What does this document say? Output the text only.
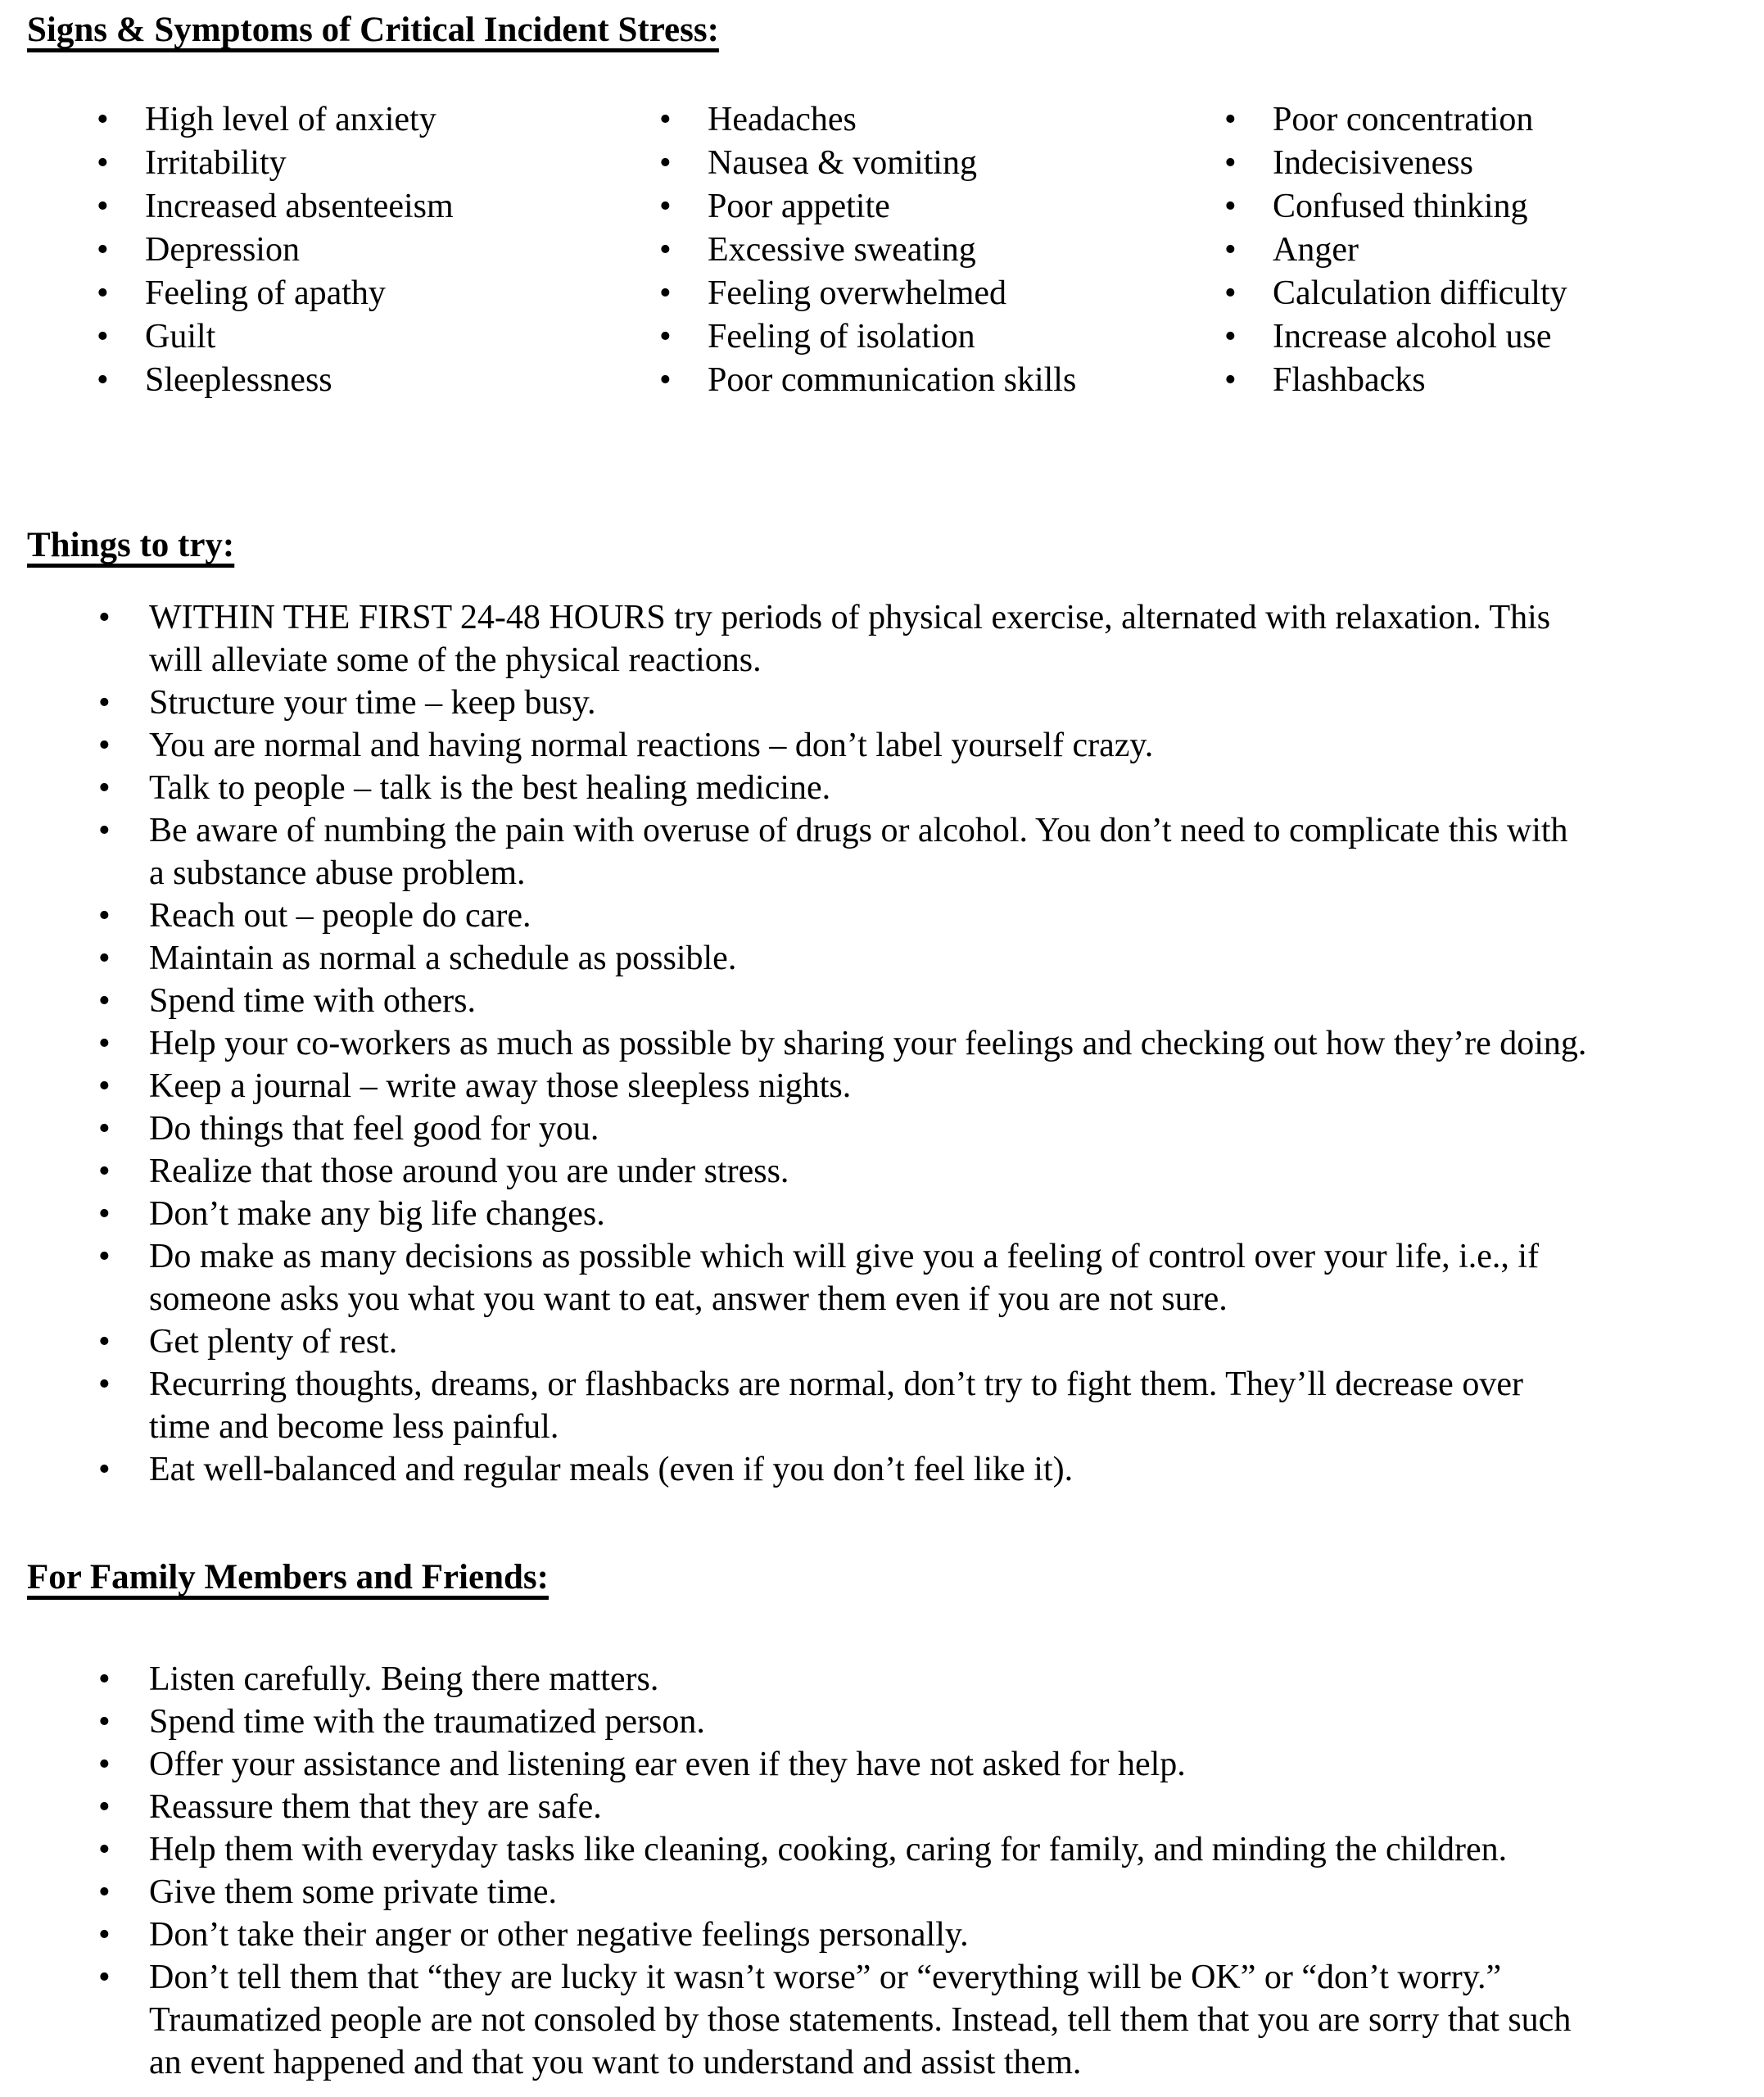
Signs & Symptoms of Critical Incident Stress:
• High level of anxiety
• Irritability
• Increased absenteeism
• Depression
• Feeling of apathy
• Guilt
• Sleeplessness
• Headaches
• Nausea & vomiting
• Poor appetite
• Excessive sweating
• Feeling overwhelmed
• Feeling of isolation
• Poor communication skills
• Poor concentration
• Indecisiveness
• Confused thinking
• Anger
• Calculation difficulty
• Increase alcohol use
• Flashbacks
Things to try:
• WITHIN THE FIRST 24-48 HOURS try periods of physical exercise, alternated with relaxation. This
will alleviate some of the physical reactions.
• Structure your time – keep busy.
• You are normal and having normal reactions – don’t label yourself crazy.
• Talk to people – talk is the best healing medicine.
• Be aware of numbing the pain with overuse of drugs or alcohol. You don’t need to complicate this with
a substance abuse problem.
• Reach out – people do care.
• Maintain as normal a schedule as possible.
• Spend time with others.
• Help your co-workers as much as possible by sharing your feelings and checking out how they’re doing.
• Keep a journal – write away those sleepless nights.
• Do things that feel good for you.
• Realize that those around you are under stress.
• Don’t make any big life changes.
• Do make as many decisions as possible which will give you a feeling of control over your life, i.e., if
someone asks you what you want to eat, answer them even if you are not sure.
• Get plenty of rest.
• Recurring thoughts, dreams, or flashbacks are normal, don’t try to fight them. They’ll decrease over
time and become less painful.
• Eat well-balanced and regular meals (even if you don’t feel like it).
For Family Members and Friends:
• Listen carefully. Being there matters.
• Spend time with the traumatized person.
• Offer your assistance and listening ear even if they have not asked for help.
• Reassure them that they are safe.
• Help them with everyday tasks like cleaning, cooking, caring for family, and minding the children.
• Give them some private time.
• Don’t take their anger or other negative feelings personally.
• Don’t tell them that “they are lucky it wasn’t worse” or “everything will be OK” or “don’t worry.”
Traumatized people are not consoled by those statements. Instead, tell them that you are sorry that such
an event happened and that you want to understand and assist them.
